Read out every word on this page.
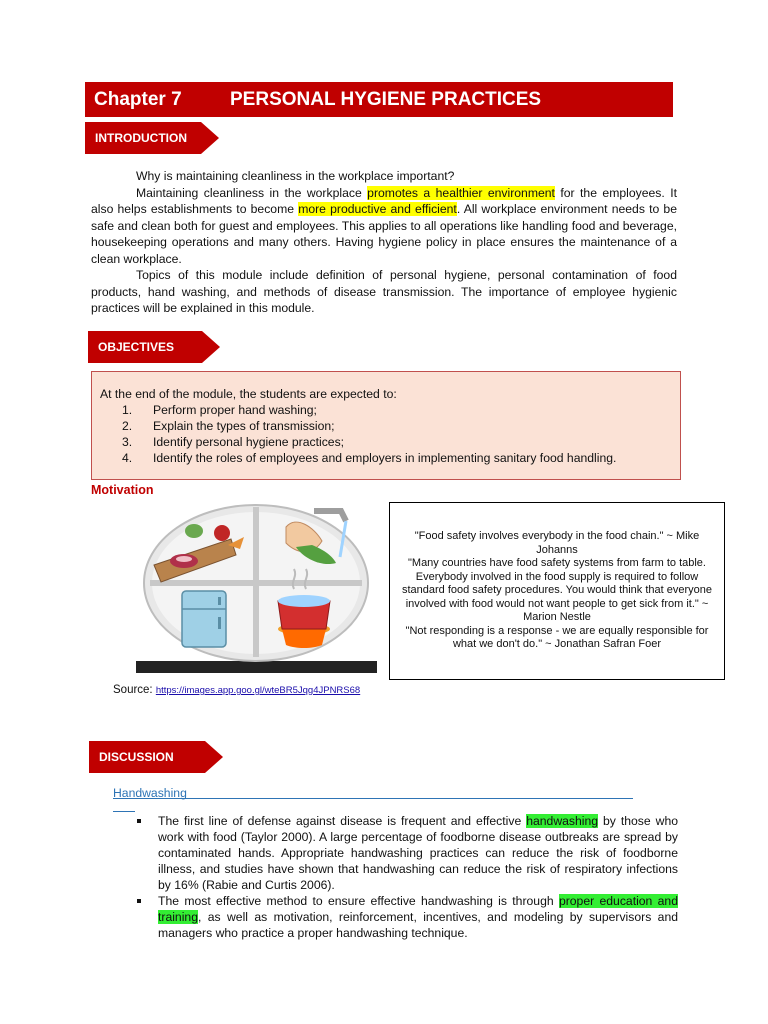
Chapter 7	PERSONAL HYGIENE PRACTICES
INTRODUCTION

Why is maintaining cleanliness in the workplace important?

Maintaining cleanliness in the workplace promotes a healthier environment for the employees. It also helps establishments to become more productive and efficient. All workplace environment needs to be safe and clean both for guest and employees. This applies to all operations like handling food and beverage, housekeeping operations and many others. Having hygiene policy in place ensures the maintenance of a clean workplace.

Topics of this module include definition of personal hygiene, personal contamination of food products, hand washing, and methods of disease transmission. The importance of employee hygienic practices will be explained in this module.

OBJECTIVES

At the end of the module, the students are expected to:

1.	Perform proper hand washing;
2.	Explain the types of transmission;
3.	Identify personal hygiene practices;
4.	Identify the roles of employees and employers in implementing sanitary food handling.
Motivation

"Food safety involves everybody in the food chain." ~ Mike Johanns

"Many countries have food safety systems from farm to table. Everybody involved in the food supply is required to follow standard food safety procedures. You would think that everyone involved with food would not want people to get sick from it." ~ Marion Nestle

"Not responding is a response - we are equally responsible for what we don't do." ~ Jonathan Safran Foer

Source: https://images.app.goo.gl/wteBR5Jqg4JPNRS68
DISCUSSION
Handwashing
The first line of defense against disease is frequent and effective handwashing by those who work with food (Taylor 2000). A large percentage of foodborne disease outbreaks are spread by contaminated hands. Appropriate handwashing practices can reduce the risk of foodborne illness, and studies have shown that handwashing can reduce the risk of respiratory infections by 16% (Rabie and Curtis 2006).
The most effective method to ensure effective handwashing is through proper education and training, as well as motivation, reinforcement, incentives, and modeling by supervisors and managers who practice a proper handwashing technique.
